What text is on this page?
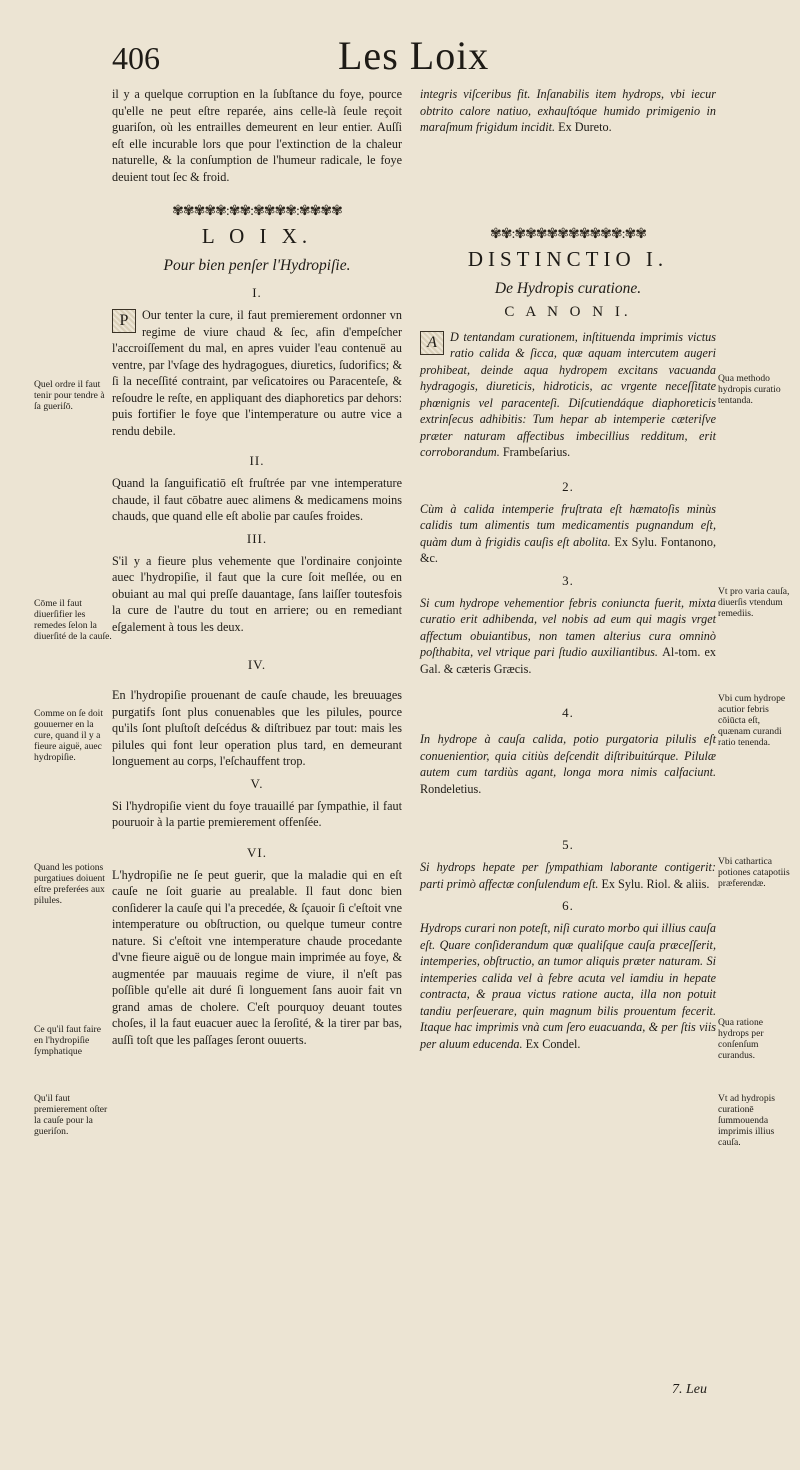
406	Les Loix
il y a quelque corruption en la ſubſtance du foye, pource qu'elle ne peut eſtre reparée, ains celle-là ſeule reçoit guariſon, où les entrailles demeurent en leur entier. Auſſi eſt elle incurable lors que pour l'extinction de la chaleur naturelle, & la conſumption de l'humeur radicale, le foye deuient tout ſec & froid.
✾✾✾✾✾:✾✾:✾✾✾✾:✾✾✾✾
L O I X.
Pour bien penſer l'Hydropiſie.
I.
P	Our tenter la cure, il faut premierement ordonner vn regime de viure chaud & ſec, afin d'empeſcher l'accroiſſement du mal, en apres vuider l'eau contenuë au ventre, par l'vſage des hydragogues, diuretics, ſudorifics; & ſi la neceſſité contraint, par veſicatoires ou Paracenteſe, & reſoudre le reſte, en appliquant des diaphoretics par dehors: puis fortifier le foye que l'intemperature ou autre vice a rendu debile.
II.
Quand la ſanguificatiō eſt fruſtrée par vne intemperature chaude, il faut cōbatre auec alimens & medicamens moins chauds, que quand elle eſt abolie par cauſes froides.
III.
S'il y a fieure plus vehemente que l'ordinaire conjointe auec l'hydropiſie, il faut que la cure ſoit meſlée, ou en obuiant au mal qui preſſe dauantage, ſans laiſſer toutesfois la cure de l'autre du tout en arriere; ou en remediant eſgalement à tous les deux.
IV.
En l'hydropiſie prouenant de cauſe chaude, les breuuages purgatifs ſont plus conuenables que les pilules, pource qu'ils ſont pluſtoſt deſcédus & diſtribuez par tout: mais les pilules qui font leur operation plus tard, en demeurant longuement au corps, l'eſchauffent trop.
V.
Si l'hydropiſie vient du foye trauaillé par ſympathie, il faut pouruoir à la partie premierement offenſée.
VI.
L'hydropiſie ne ſe peut guerir, que la maladie qui en eſt cauſe ne ſoit guarie au prealable. Il faut donc bien conſiderer la cauſe qui l'a precedée, & ſçauoir ſi c'eſtoit vne intemperature ou obſtruction, ou quelque tumeur contre nature. Si c'eſtoit vne intemperature chaude procedante d'vne fieure aiguë ou de longue main imprimée au foye, & augmentée par mauuais regime de viure, il n'eſt pas poſſible qu'elle ait duré ſi longuement ſans auoir fait vn grand amas de cholere. C'eſt pourquoy deuant toutes choſes, il la faut euacuer auec la ſeroſité, & la tirer par bas, auſſi toſt que les paſſages ſeront ouuerts.
Quel ordre il faut tenir pour tendre à ſa gueriſō.
Cōme il faut diuerſifier les remedes ſelon la diuerſité de la cauſe.
Comme on ſe doit gouuerner en la cure, quand il y a fieure aiguë, auec hydropiſie.
Quand les potions purgatiues doiuent eſtre preferées aux pilules.
Ce qu'il faut faire en l'hydropiſie ſymphatique
Qu'il faut premierement oſter la cauſe pour la gueriſon.
integris viſceribus fit. Inſanabilis item hydrops, vbi iecur obtrito calore natiuo, exhauſtóque humido primigenio in maraſmum frigidum incidit. Ex Dureto.
✾✾:✾✾✾✾✾✾✾✾✾✾:✾✾
DISTINCTIO I.
De Hydropis curatione.
C A N O N I.
A	D tentandam curationem, inſtituenda imprimis victus ratio calida & ſicca, quæ aquam intercutem augeri prohibeat, deinde aqua hydropem excitans vacuanda hydragogis, diureticis, hidroticis, ac vrgente neceſſitate phœnignis vel paracenteſi. Diſcutiendáque diaphoreticis extrinſecus adhibitis: Tum hepar ab intemperie cæteriſve præter naturam affectibus imbecillius redditum, erit corroborandum. Frambeſarius.
2.
Cùm à calida intemperie fruſtrata eſt hæmatoſis minùs calidis tum alimentis tum medicamentis pugnandum eſt, quàm dum à frigidis cauſis eſt abolita. Ex Sylu. Fontanono, &c.
3.
Si cum hydrope vehementior febris coniuncta fuerit, mixta curatio erit adhibenda, vel nobis ad eum qui magis vrget affectum obuiantibus, non tamen alterius cura omninò poſthabita, vel vtrique pari ſtudio auxiliantibus. Al-tom. ex Gal. & cæteris Græcis.
4.
In hydrope à cauſa calida, potio purgatoria pilulis eſt conuenientior, quia citiùs deſcendit diſtribuitúrque. Pilulæ autem cum tardiùs agant, longa mora nimis calfaciunt. Rondeletius.
5.
Si hydrops hepate per ſympathiam laborante contigerit: parti primò affectæ conſulendum eſt. Ex Sylu. Riol. & aliis.
6.
Hydrops curari non poteſt, niſi curato morbo qui illius cauſa eſt. Quare conſiderandum quæ qualiſque cauſa præceſſerit, intemperies, obſtructio, an tumor aliquis præter naturam. Si intemperies calida vel à febre acuta vel iamdiu in hepate contracta, & praua victus ratione aucta, illa non potuit tandiu perſeuerare, quin magnum bilis prouentum fecerit. Itaque hac imprimis vnà cum ſero euacuanda, & per ſtis viis per aluum educenda. Ex Condel.
Qua methodo hydropis curatio tentanda.
Vt pro varia cauſa, diuerſis vtendum remediis.
Vbi cum hydrope acutior febris cōiūcta eſt, quænam curandi ratio tenenda.
Vbi cathartica potiones catapotiis præferendæ.
Qua ratione hydrops per conſenſum curandus.
Vt ad hydropis curationē ſummouenda imprimis illius cauſa.
7. Leu
